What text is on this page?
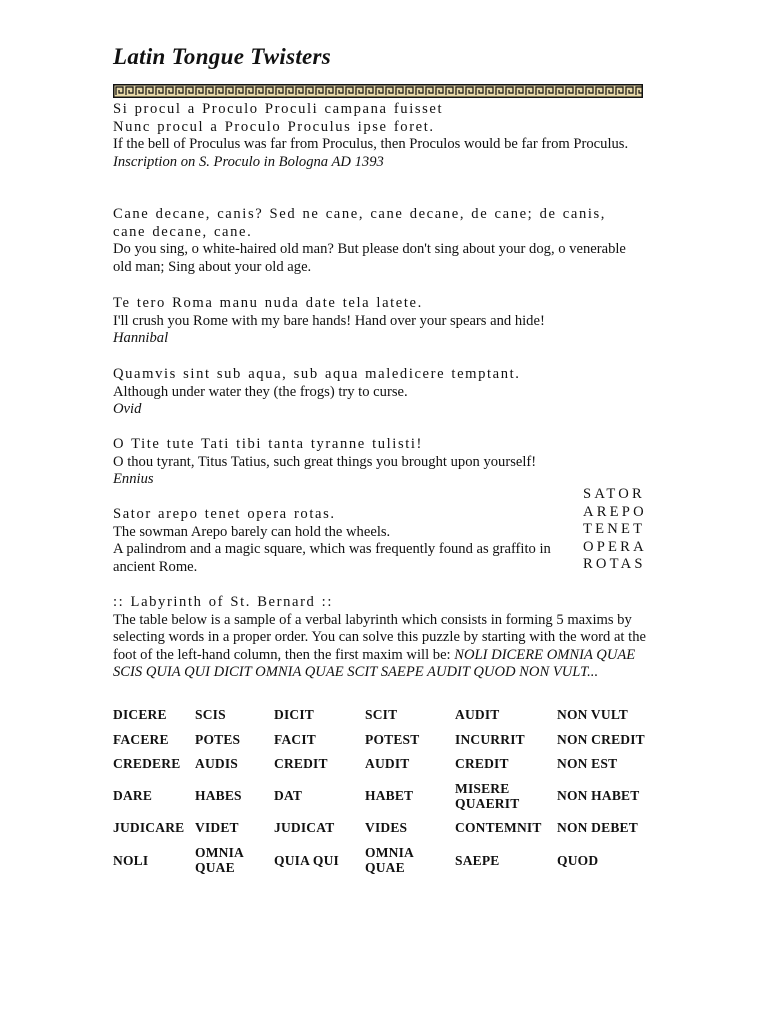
Latin Tongue Twisters
Si procul a Proculo Proculi campana fuisset
Nunc procul a Proculo Proculus ipse foret.
If the bell of Proculus was far from Proculus, then Proculos would be far from Proculus.
Inscription on S. Proculo in Bologna AD 1393
Cane decane, canis? Sed ne cane, cane decane, de cane; de canis, cane decane, cane.
Do you sing, o white-haired old man? But please don't sing about your dog, o venerable old man; Sing about your old age.
Te tero Roma manu nuda date tela latete.
I'll crush you Rome with my bare hands! Hand over your spears and hide!
Hannibal
Quamvis sint sub aqua, sub aqua maledicere temptant.
Although under water they (the frogs) try to curse.
Ovid
O Tite tute Tati tibi tanta tyranne tulisti!
O thou tyrant, Titus Tatius, such great things you brought upon yourself!
Ennius
Sator arepo tenet opera rotas.
The sowman Arepo barely can hold the wheels.
A palindrom and a magic square, which was frequently found as graffito in ancient Rome.
SATOR
AREPO
TENET
OPERA
ROTAS
:: Labyrinth of St. Bernard ::
The table below is a sample of a verbal labyrinth which consists in forming 5 maxims by selecting words in a proper order. You can solve this puzzle by starting with the word at the foot of the left-hand column, then the first maxim will be: NOLI DICERE OMNIA QUAE SCIS QUIA QUI DICIT OMNIA QUAE SCIT SAEPE AUDIT QUOD NON VULT...
DICERE	SCIS	DICIT	SCIT	AUDIT	NON VULT
FACERE	POTES	FACIT	POTEST	INCURRIT	NON CREDIT
CREDERE	AUDIS	CREDIT	AUDIT	CREDIT	NON EST
DARE	HABES	DAT	HABET	MISERE QUAERIT	NON HABET
JUDICARE	VIDET	JUDICAT	VIDES	CONTEMNIT	NON DEBET
NOLI	OMNIA QUAE	QUIA QUI	OMNIA QUAE	SAEPE	QUOD
